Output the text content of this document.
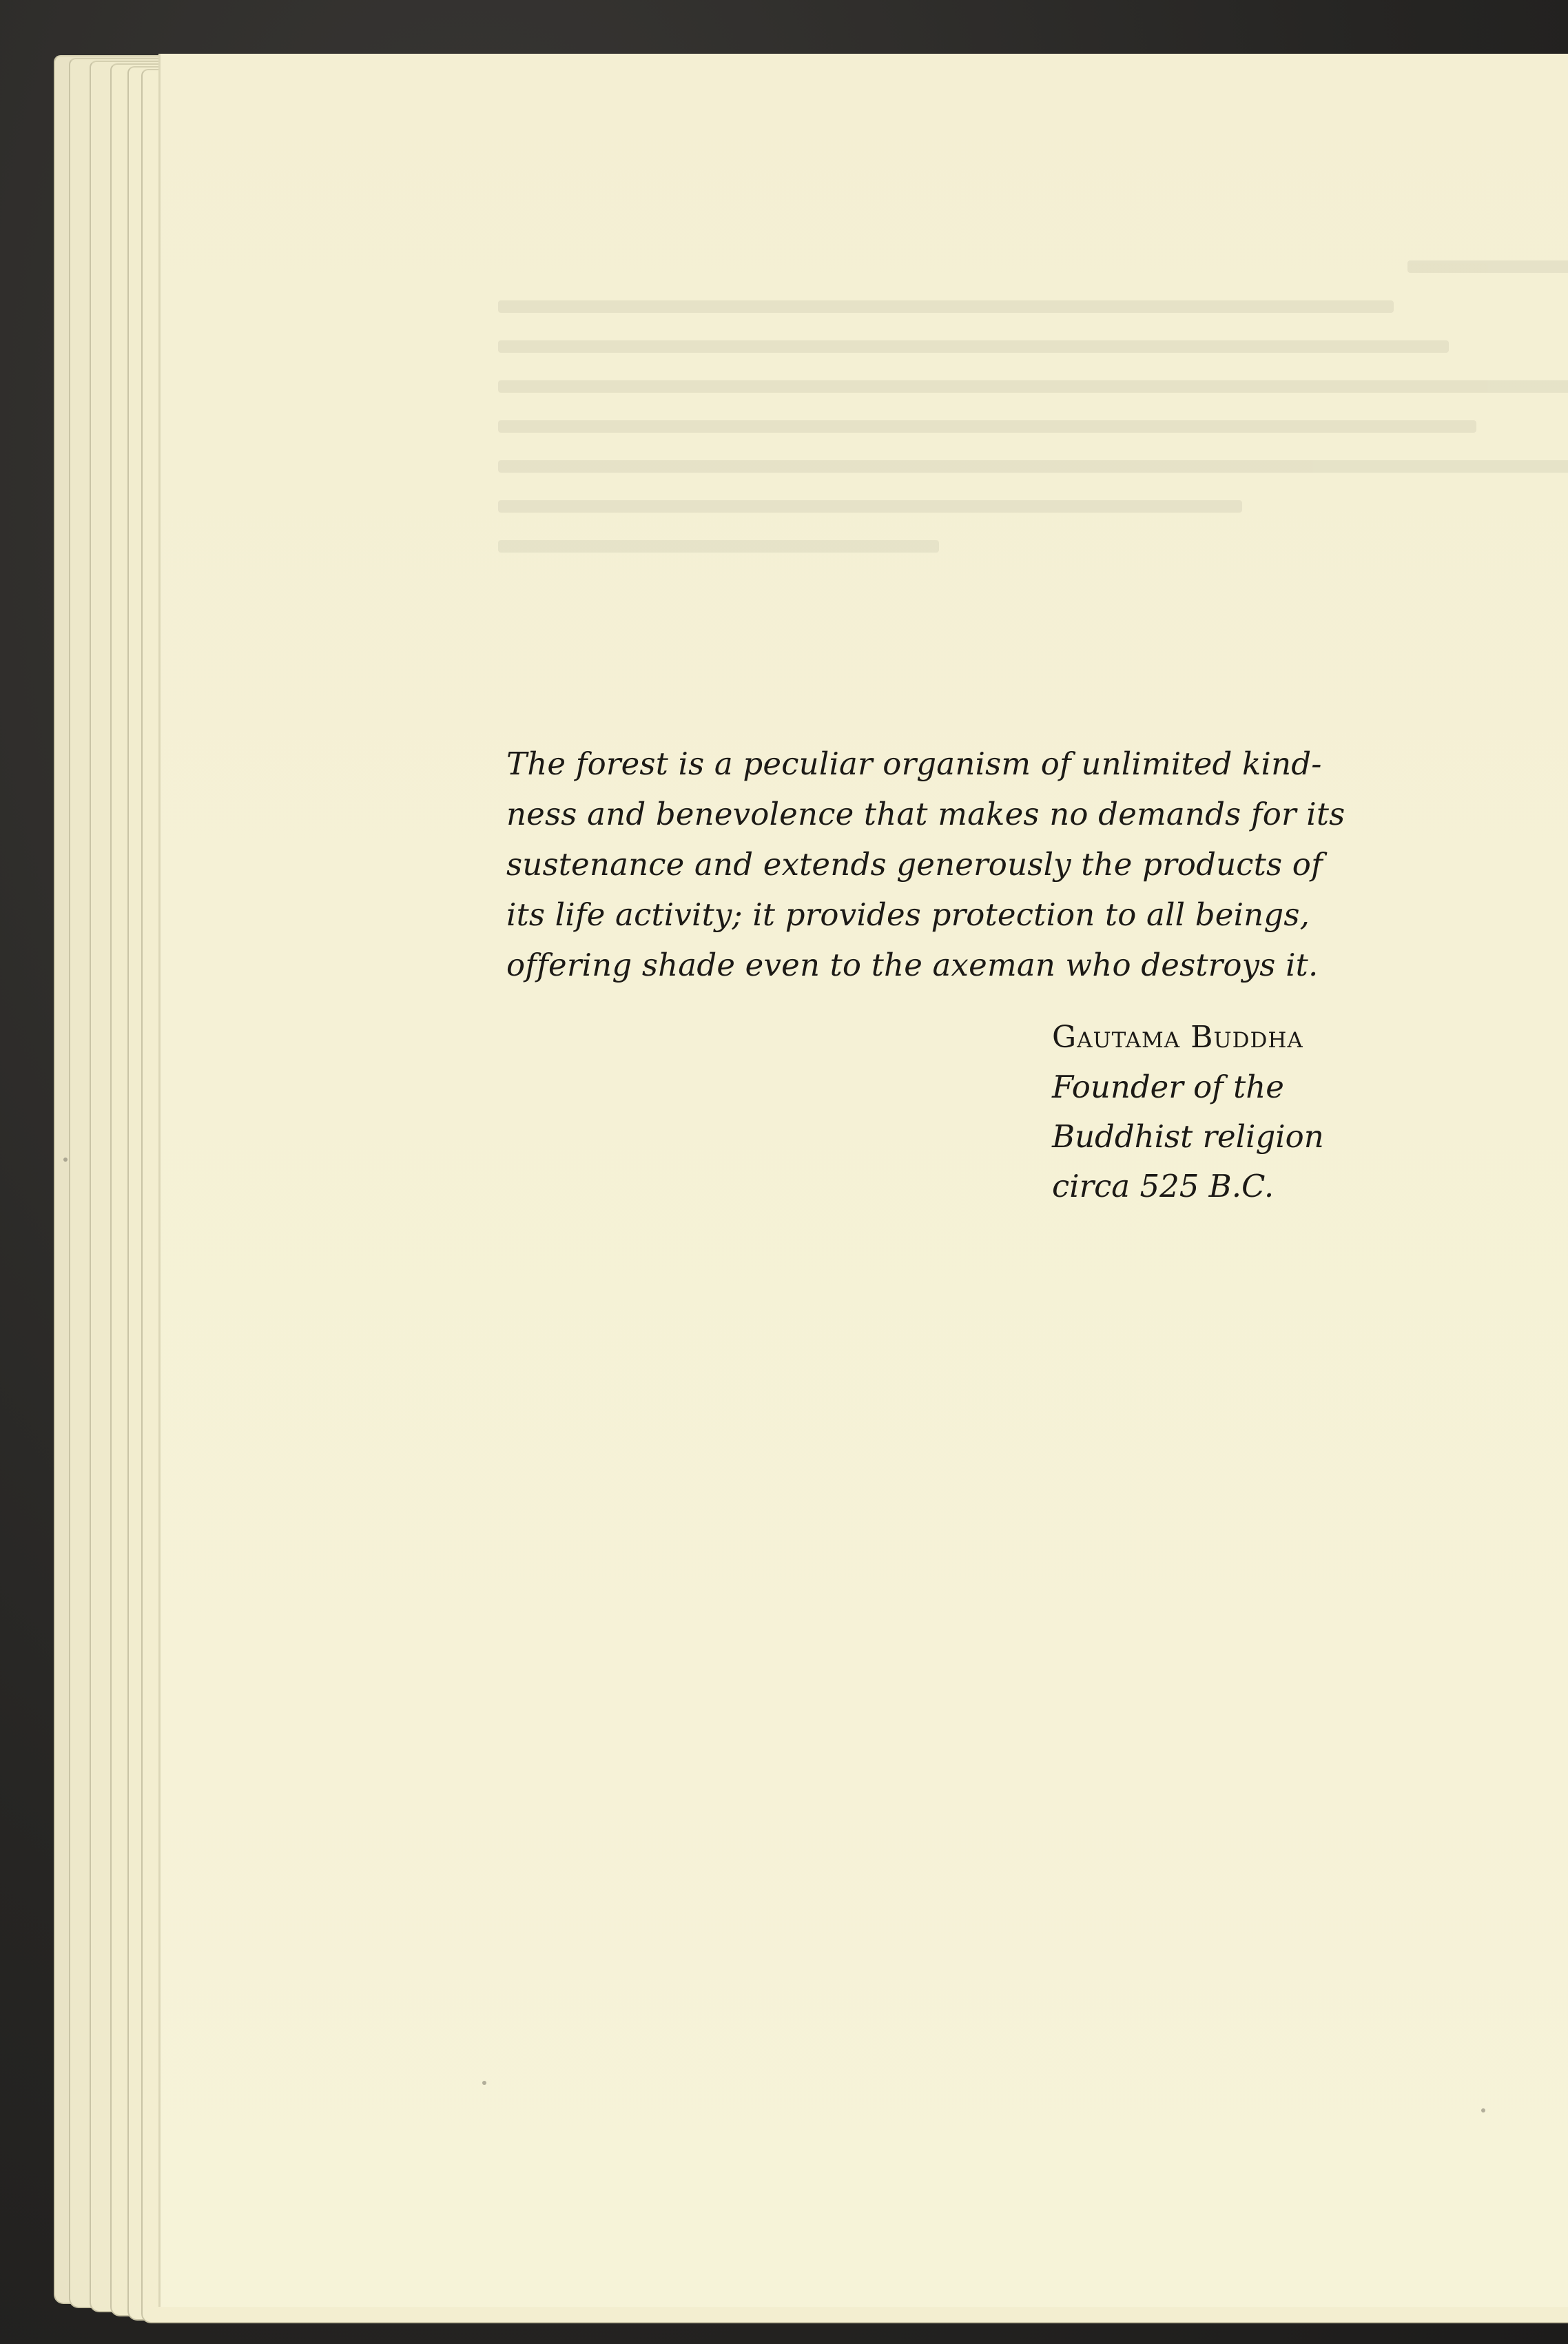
The forest is a peculiar organism of unlimited kind-
ness and benevolence that makes no demands for its
sustenance and extends generously the products of
its life activity; it provides protection to all beings,
offering shade even to the axeman who destroys it.

Gautama Buddha
Founder of the
Buddhist religion
circa 525 B.C.
